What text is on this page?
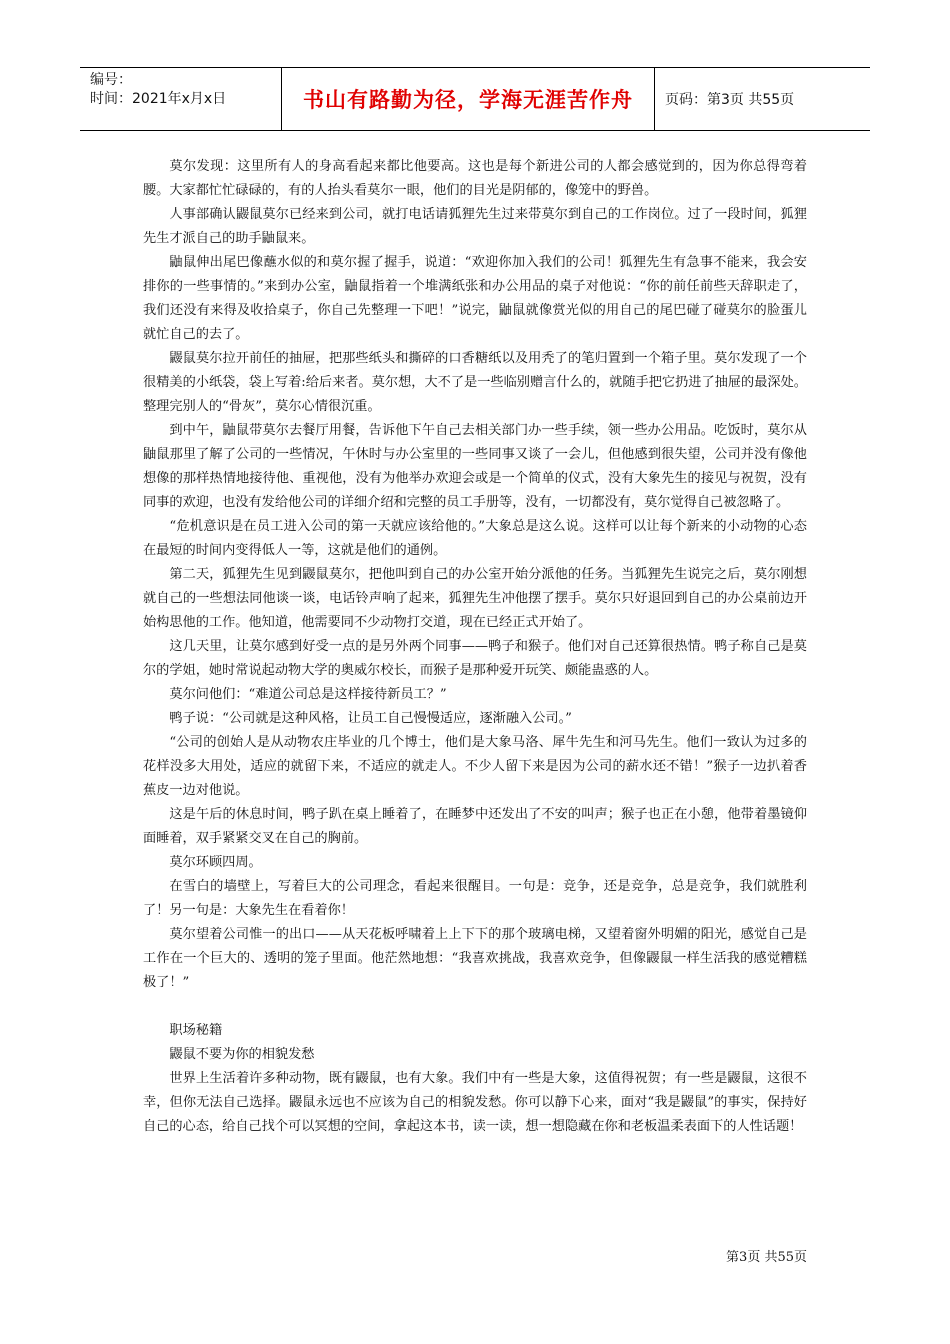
编号：
时间：2021年x月x日	书山有路勤为径，学海无涯苦作舟	页码：第3页 共55页

莫尔发现：这里所有人的身高看起来都比他要高。这也是每个新进公司的人都会感觉到的，因为你总得弯着腰。大家都忙忙碌碌的，有的人抬头看莫尔一眼，他们的目光是阴郁的，像笼中的野兽。

人事部确认鼹鼠莫尔已经来到公司，就打电话请狐狸先生过来带莫尔到自己的工作岗位。过了一段时间，狐狸先生才派自己的助手鼬鼠来。

鼬鼠伸出尾巴像蘸水似的和莫尔握了握手，说道：“欢迎你加入我们的公司！狐狸先生有急事不能来，我会安排你的一些事情的。”来到办公室，鼬鼠指着一个堆满纸张和办公用品的桌子对他说：“你的前任前些天辞职走了，我们还没有来得及收拾桌子，你自己先整理一下吧！”说完，鼬鼠就像赏光似的用自己的尾巴碰了碰莫尔的脸蛋儿就忙自己的去了。

鼹鼠莫尔拉开前任的抽屉，把那些纸头和撕碎的口香糖纸以及用秃了的笔归置到一个箱子里。莫尔发现了一个很精美的小纸袋，袋上写着:给后来者。莫尔想，大不了是一些临别赠言什么的，就随手把它扔进了抽屉的最深处。整理完别人的“骨灰”，莫尔心情很沉重。

到中午，鼬鼠带莫尔去餐厅用餐，告诉他下午自己去相关部门办一些手续，领一些办公用品。吃饭时，莫尔从鼬鼠那里了解了公司的一些情况，午休时与办公室里的一些同事又谈了一会儿，但他感到很失望，公司并没有像他想像的那样热情地接待他、重视他，没有为他举办欢迎会或是一个简单的仪式，没有大象先生的接见与祝贺，没有同事的欢迎，也没有发给他公司的详细介绍和完整的员工手册等，没有，一切都没有，莫尔觉得自己被忽略了。

“危机意识是在员工进入公司的第一天就应该给他的。”大象总是这么说。这样可以让每个新来的小动物的心态在最短的时间内变得低人一等，这就是他们的通例。

第二天，狐狸先生见到鼹鼠莫尔，把他叫到自己的办公室开始分派他的任务。当狐狸先生说完之后，莫尔刚想就自己的一些想法同他谈一谈，电话铃声响了起来，狐狸先生冲他摆了摆手。莫尔只好退回到自己的办公桌前边开始构思他的工作。他知道，他需要同不少动物打交道，现在已经正式开始了。

这几天里，让莫尔感到好受一点的是另外两个同事——鸭子和猴子。他们对自己还算很热情。鸭子称自己是莫尔的学姐，她时常说起动物大学的奥威尔校长，而猴子是那种爱开玩笑、颇能蛊惑的人。

莫尔问他们：“难道公司总是这样接待新员工？”

鸭子说：“公司就是这种风格，让员工自己慢慢适应，逐渐融入公司。”

“公司的创始人是从动物农庄毕业的几个博士，他们是大象马洛、犀牛先生和河马先生。他们一致认为过多的花样没多大用处，适应的就留下来，不适应的就走人。不少人留下来是因为公司的薪水还不错！”猴子一边扒着香蕉皮一边对他说。

这是午后的休息时间，鸭子趴在桌上睡着了，在睡梦中还发出了不安的叫声；猴子也正在小憩，他带着墨镜仰面睡着，双手紧紧交叉在自己的胸前。

莫尔环顾四周。

在雪白的墙壁上，写着巨大的公司理念，看起来很醒目。一句是：竞争，还是竞争，总是竞争，我们就胜利了！另一句是：大象先生在看着你！

莫尔望着公司惟一的出口——从天花板呼啸着上上下下的那个玻璃电梯，又望着窗外明媚的阳光，感觉自己是工作在一个巨大的、透明的笼子里面。他茫然地想：“我喜欢挑战，我喜欢竞争，但像鼹鼠一样生活我的感觉糟糕极了！”

职场秘籍

鼹鼠不要为你的相貌发愁

世界上生活着许多种动物，既有鼹鼠，也有大象。我们中有一些是大象，这值得祝贺；有一些是鼹鼠，这很不幸，但你无法自己选择。鼹鼠永远也不应该为自己的相貌发愁。你可以静下心来，面对“我是鼹鼠”的事实，保持好自己的心态，给自己找个可以冥想的空间，拿起这本书，读一读，想一想隐藏在你和老板温柔表面下的人性话题！

第3页 共55页
